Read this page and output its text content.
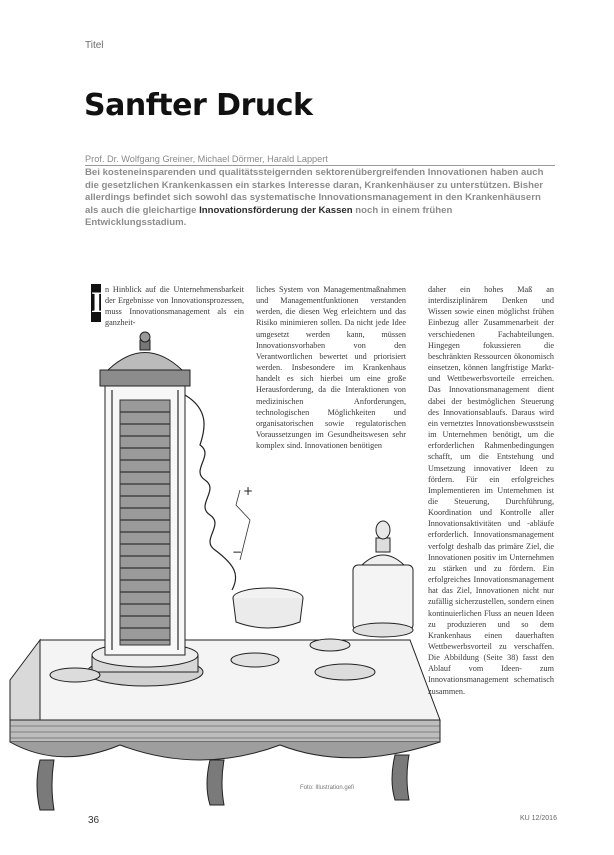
+
−
Titel
Sanfter Druck
Prof. Dr. Wolfgang Greiner, Michael Dörmer, Harald Lappert
Bei kosteneinsparenden und qualitätssteigernden sektorenübergreifenden Innovationen haben auch die gesetzlichen Krankenkassen ein starkes Interesse daran, Krankenhäuser zu unterstützen. Bisher allerdings befindet sich sowohl das systematische Innovationsmanagement in den Krankenhäusern als auch die gleichartige Innovationsförderung der Kassen noch in einem frühen Entwicklungsstadium.
I n Hinblick auf die Unternehmensbarkeit der Ergebnisse von Innovationsprozessen, muss Innovationsmanagement als ein ganzheit-
liches System von Managementmaßnahmen und Managementfunktionen verstanden werden, die diesen Weg erleichtern und das Risiko minimieren sollen. Da nicht jede Idee umgesetzt werden kann, müssen Innovationsvorhaben von den Verantwortlichen bewertet und priorisiert werden. Insbesondere im Krankenhaus handelt es sich hierbei um eine große Herausforderung, da die Interaktionen von medizinischen Anforderungen, technologischen Möglichkeiten und organisatorischen sowie regulatorischen Voraussetzungen im Gesundheitswesen sehr komplex sind. Innovationen benötigen
daher ein hohes Maß an interdisziplinärem Denken und Wissen sowie einen möglichst frühen Einbezug aller Zusammenarbeit der verschiedenen Fachabteilungen. Hingegen fokussieren die beschränkten Ressourcen ökonomisch einsetzen, können langfristige Markt- und Wettbewerbsvorteile erreichen. Das Innovationsmanagement dient dabei der bestmöglichen Steuerung des Innovationsablaufs. Daraus wird ein vernetztes Innovationsbewusstsein im Unternehmen benötigt, um die erforderlichen Rahmenbedingungen schafft, um die Entstehung und Umsetzung innovativer Ideen zu fördern. Für ein erfolgreiches Implementieren im Unternehmen ist die Steuerung, Durchführung, Koordination und Kontrolle aller Innovationsaktivitäten und -abläufe erforderlich. Innovationsmanagement verfolgt deshalb das primäre Ziel, die Innovationen positiv im Unternehmen zu stärken und zu fördern. Ein erfolgreiches Innovationsmanagement hat das Ziel, Innovationen nicht nur zufällig sicherzustellen, sondern einen kontinuierlichen Fluss an neuen Ideen zu produzieren und so dem Krankenhaus einen dauerhaften Wettbewerbsvorteil zu verschaffen. Die Abbildung (Seite 38) fasst den Ablauf vom Ideen- zum Innovationsmanagement schematisch zusammen.
Foto: Illustration.gefi
36	KU 12/2016
